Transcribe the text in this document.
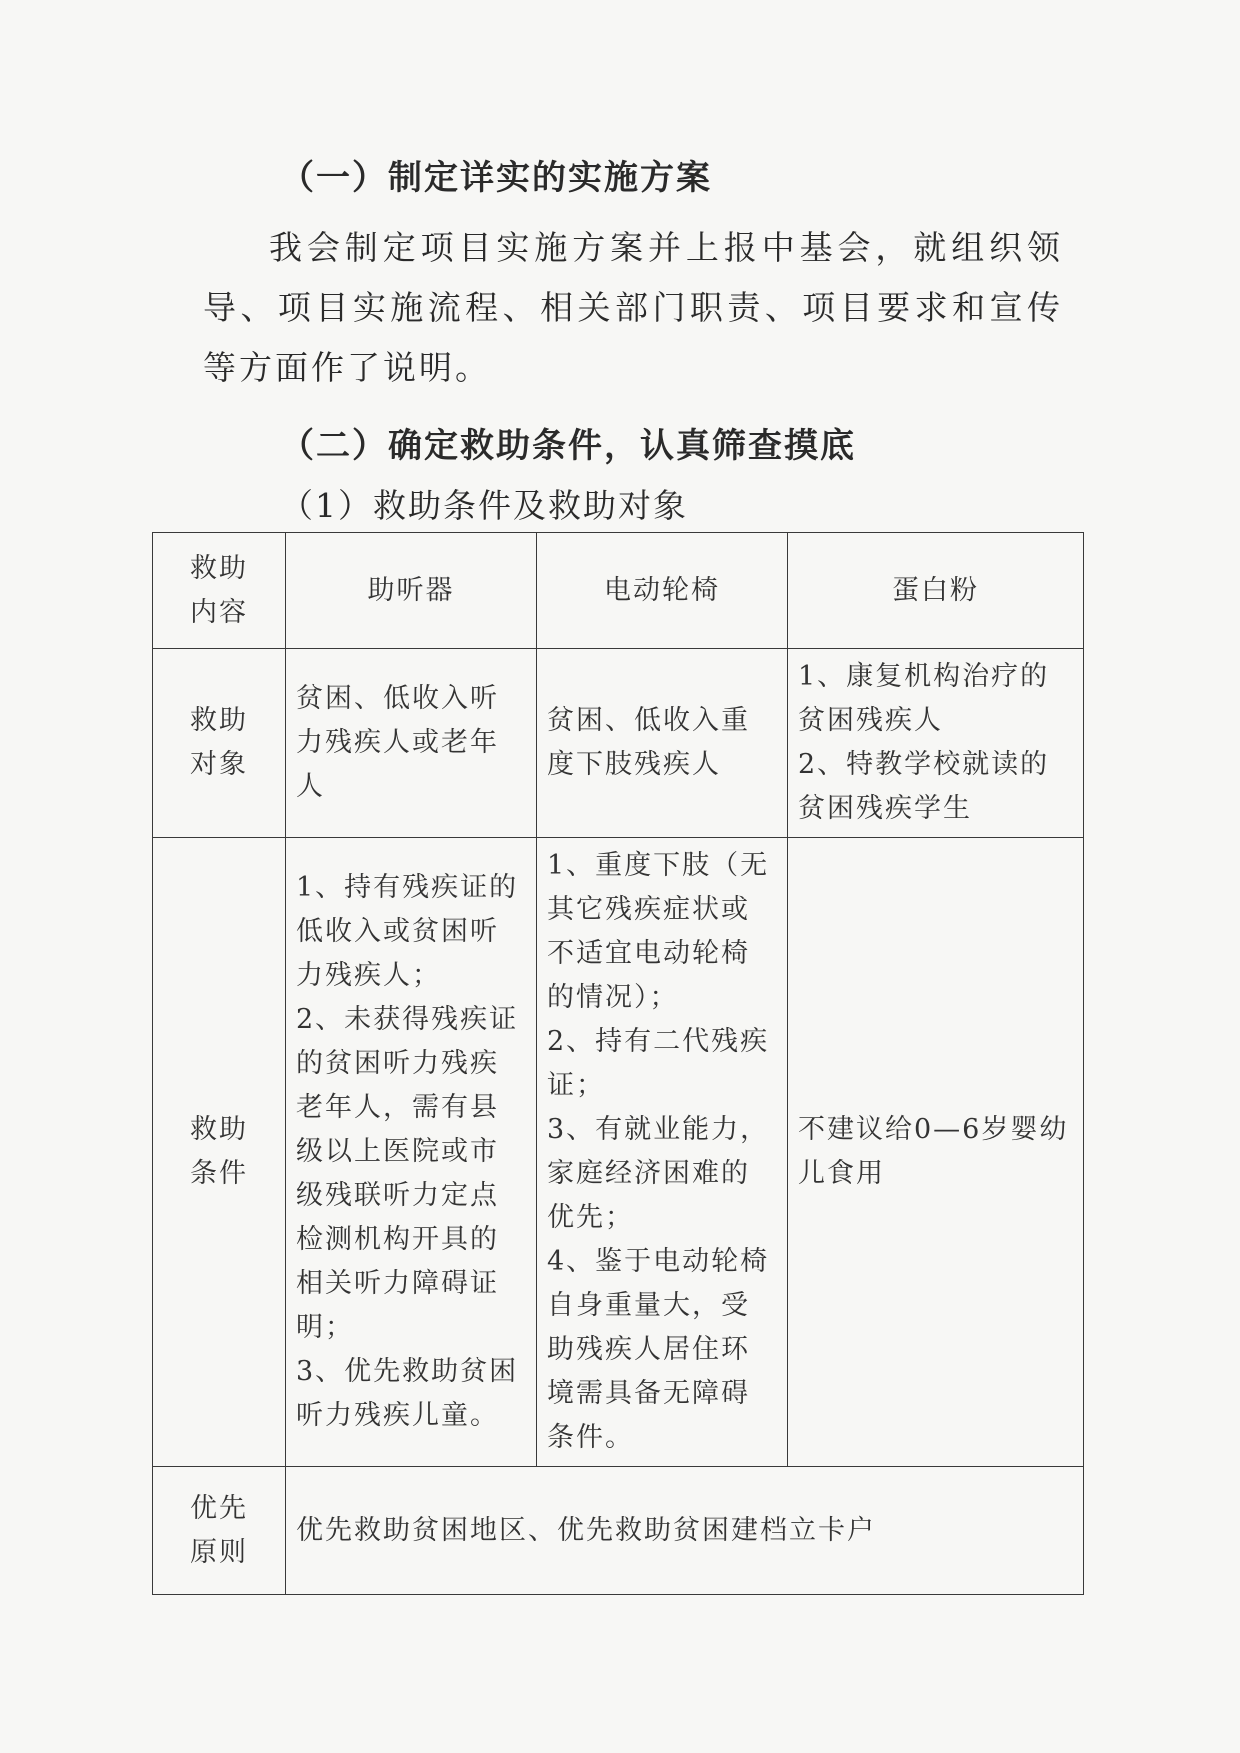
（一）制定详实的实施方案
我会制定项目实施方案并上报中基会，就组织领导、项目实施流程、相关部门职责、项目要求和宣传等方面作了说明。
（二）确定救助条件，认真筛查摸底
（1）救助条件及救助对象
救助
内容	助听器	电动轮椅	蛋白粉

救助
对象	贫困、低收入听力残疾人或老年人	贫困、低收入重度下肢残疾人	1、康复机构治疗的贫困残疾人
2、特教学校就读的贫困残疾学生

救助
条件	1、持有残疾证的低收入或贫困听力残疾人；
2、未获得残疾证的贫困听力残疾老年人，需有县级以上医院或市级残联听力定点检测机构开具的相关听力障碍证明；
3、优先救助贫困听力残疾儿童。	1、重度下肢（无其它残疾症状或不适宜电动轮椅的情况）；
2、持有二代残疾证；
3、有就业能力，家庭经济困难的优先；
4、鉴于电动轮椅自身重量大，受助残疾人居住环境需具备无障碍条件。	不建议给0—6岁婴幼儿食用

优先
原则	优先救助贫困地区、优先救助贫困建档立卡户		
